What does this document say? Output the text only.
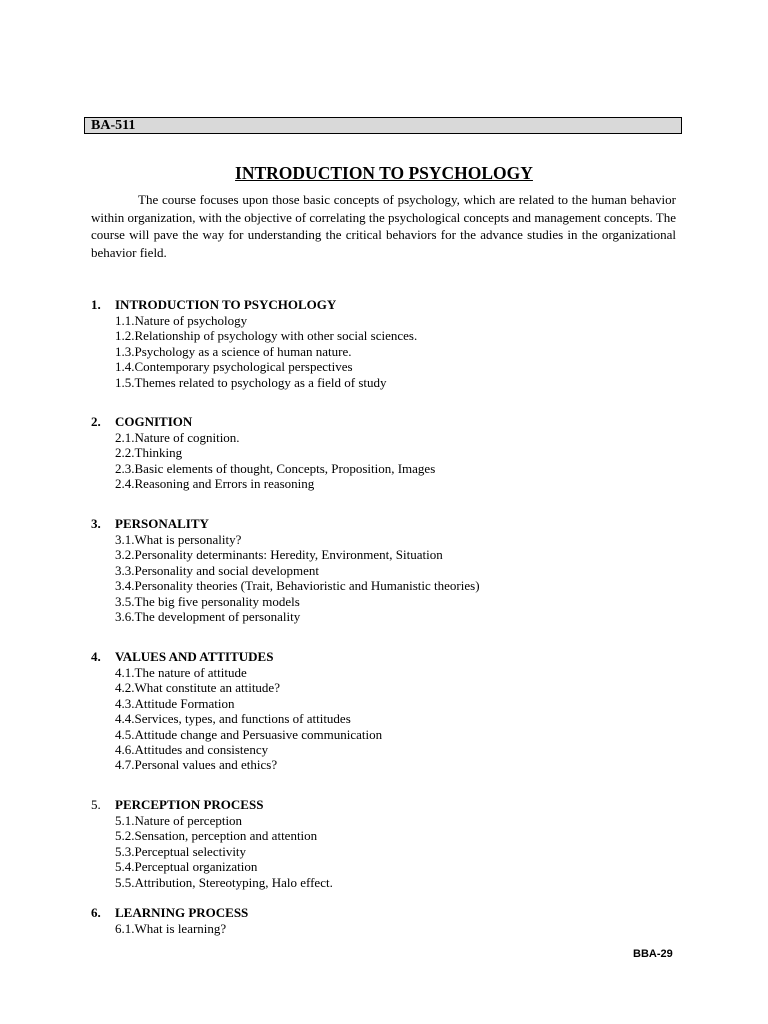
BA-511
INTRODUCTION TO PSYCHOLOGY

The course focuses upon those basic concepts of psychology, which are related to the human behavior within organization, with the objective of correlating the psychological concepts and management concepts. The course will pave the way for understanding the critical behaviors for the advance studies in the organizational behavior field.

1.	INTRODUCTION TO PSYCHOLOGY
1.1.Nature of psychology
1.2.Relationship of psychology with other social sciences.
1.3.Psychology as a science of human nature.
1.4.Contemporary psychological perspectives
1.5.Themes related to psychology as a field of study
2.	COGNITION
2.1.Nature of cognition.
2.2.Thinking
2.3.Basic elements of thought, Concepts, Proposition, Images
2.4.Reasoning and Errors in reasoning
3.	PERSONALITY
3.1.What is personality?
3.2.Personality determinants: Heredity, Environment, Situation
3.3.Personality and social development
3.4.Personality theories (Trait, Behavioristic and Humanistic theories)
3.5.The big five personality models
3.6.The development of personality
4.	VALUES AND ATTITUDES
4.1.The nature of attitude
4.2.What constitute an attitude?
4.3.Attitude Formation
4.4.Services, types, and functions of attitudes
4.5.Attitude change and Persuasive communication
4.6.Attitudes and consistency
4.7.Personal values and ethics?
5.	PERCEPTION PROCESS
5.1.Nature of perception
5.2.Sensation, perception and attention
5.3.Perceptual selectivity
5.4.Perceptual organization
5.5.Attribution, Stereotyping, Halo effect.
6.	LEARNING PROCESS
6.1.What is learning?
BBA-29
